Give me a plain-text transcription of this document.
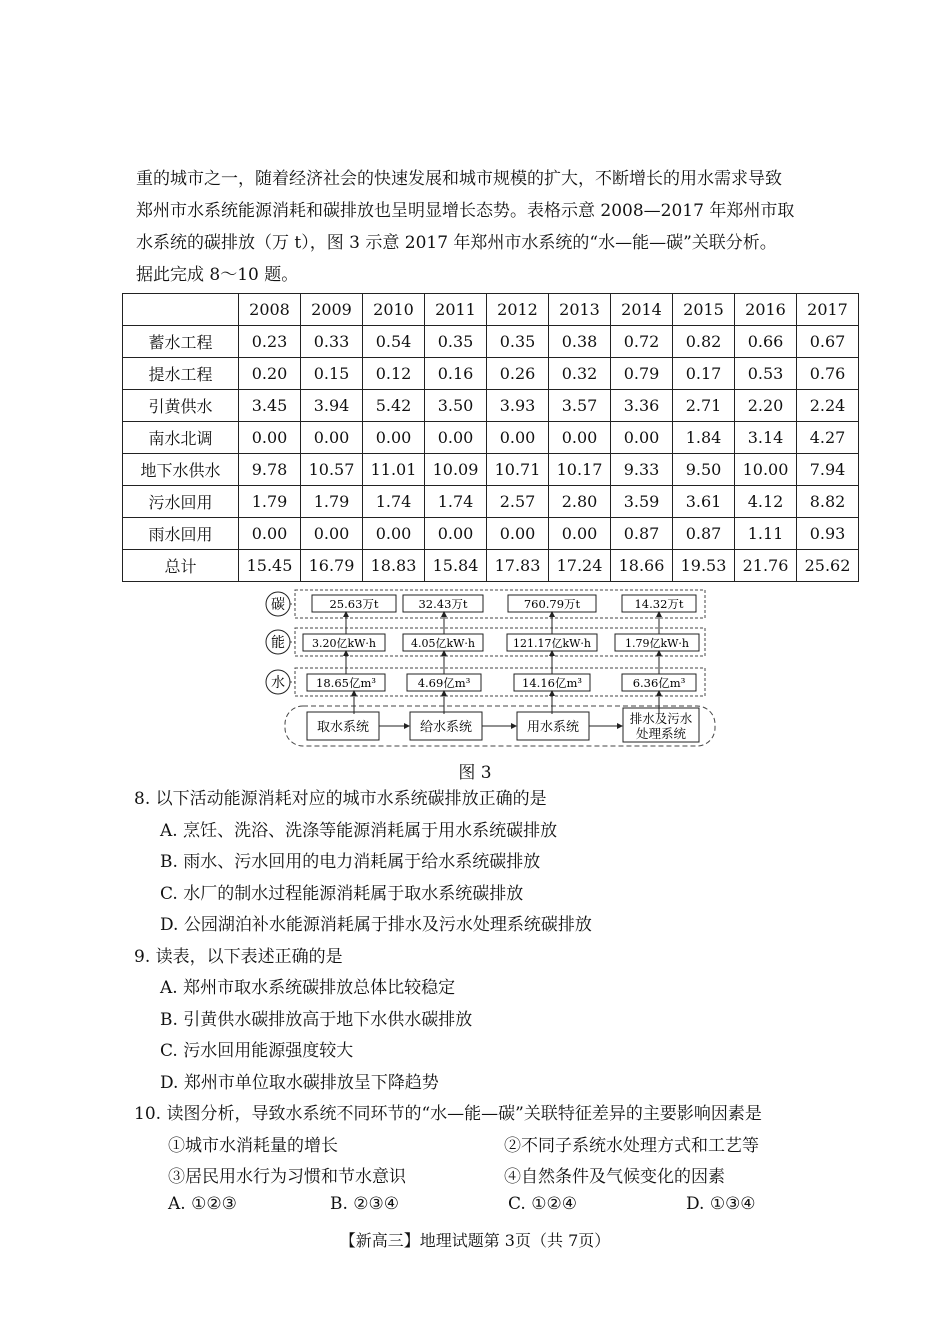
重的城市之一，随着经济社会的快速发展和城市规模的扩大，不断增长的用水需求导致

郑州市水系统能源消耗和碳排放也呈明显增长态势。表格示意 2008—2017 年郑州市取

水系统的碳排放（万 t），图 3 示意 2017 年郑州市水系统的“水—能—碳”关联分析。

据此完成 8～10 题。

	2008	2009	2010	2011	2012	2013	2014	2015	2016	2017
蓄水工程	0.23	0.33	0.54	0.35	0.35	0.38	0.72	0.82	0.66	0.67
提水工程	0.20	0.15	0.12	0.16	0.26	0.32	0.79	0.17	0.53	0.76
引黄供水	3.45	3.94	5.42	3.50	3.93	3.57	3.36	2.71	2.20	2.24
南水北调	0.00	0.00	0.00	0.00	0.00	0.00	0.00	1.84	3.14	4.27
地下水供水	9.78	10.57	11.01	10.09	10.71	10.17	9.33	9.50	10.00	7.94
污水回用	1.79	1.79	1.74	1.74	2.57	2.80	3.59	3.61	4.12	8.82
雨水回用	0.00	0.00	0.00	0.00	0.00	0.00	0.87	0.87	1.11	0.93
总计	15.45	16.79	18.83	15.84	17.83	17.24	18.66	19.53	21.76	25.62
碳
能
水
25.63万t	32.43万t	760.79万t	14.32万t
3.20亿kW·h	4.05亿kW·h	121.17亿kW·h	1.79亿kW·h
18.65亿m³	4.69亿m³	14.16亿m³	6.36亿m³
取水系统	给水系统	用水系统
排水及污水
处理系统
图 3
8. 以下活动能源消耗对应的城市水系统碳排放正确的是
A. 烹饪、洗浴、洗涤等能源消耗属于用水系统碳排放
B. 雨水、污水回用的电力消耗属于给水系统碳排放
C. 水厂的制水过程能源消耗属于取水系统碳排放
D. 公园湖泊补水能源消耗属于排水及污水处理系统碳排放
9. 读表，以下表述正确的是
A. 郑州市取水系统碳排放总体比较稳定
B. 引黄供水碳排放高于地下水供水碳排放
C. 污水回用能源强度较大
D. 郑州市单位取水碳排放呈下降趋势
10. 读图分析，导致水系统不同环节的“水—能—碳”关联特征差异的主要影响因素是
①城市水消耗量的增长	②不同子系统水处理方式和工艺等
③居民用水行为习惯和节水意识	④自然条件及气候变化的因素
A. ①②③	B. ②③④	C. ①②④	D. ①③④
【新高三】地理试题第 3页（共 7页）
